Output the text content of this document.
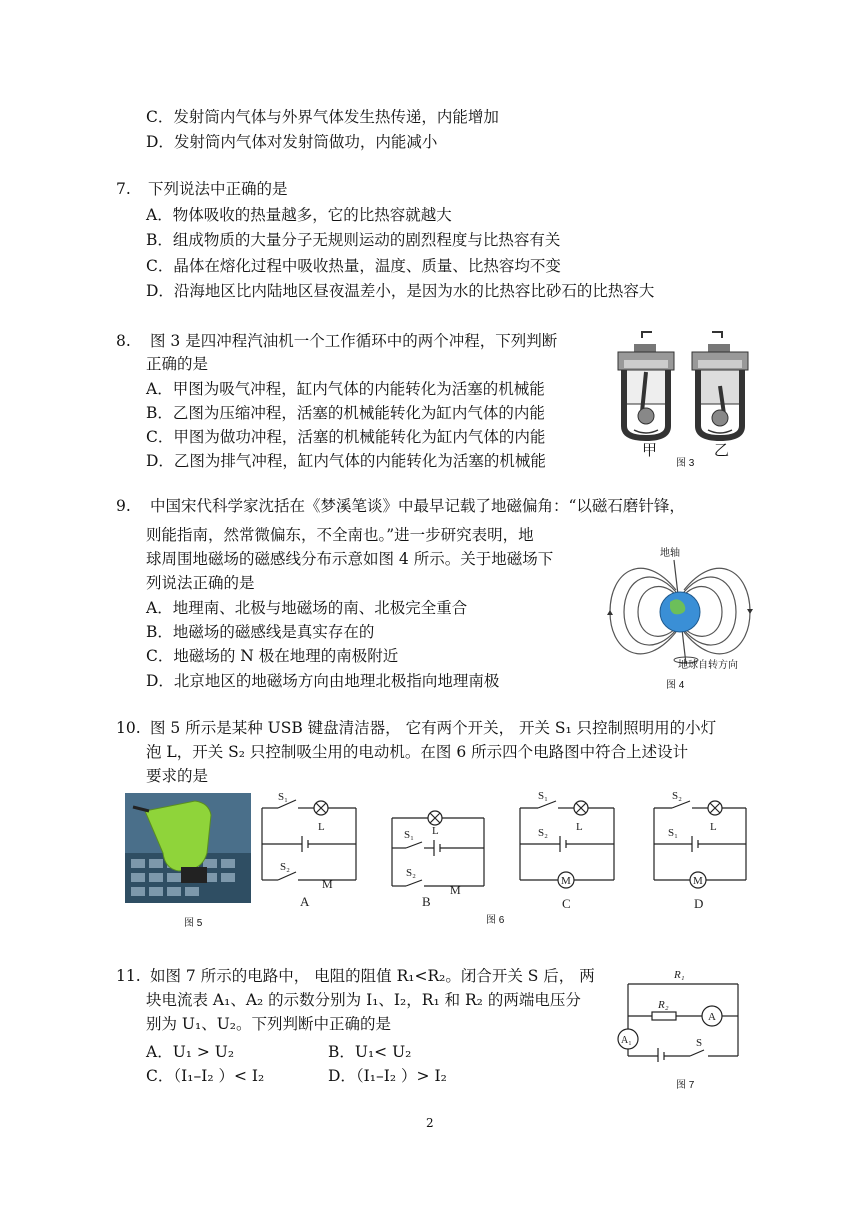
C．发射筒内气体与外界气体发生热传递，内能增加
D．发射筒内气体对发射筒做功，内能减小
7. 下列说法中正确的是
A．物体吸收的热量越多，它的比热容就越大
B．组成物质的大量分子无规则运动的剧烈程度与比热容有关
C．晶体在熔化过程中吸收热量，温度、质量、比热容均不变
D．沿海地区比内陆地区昼夜温差小，是因为水的比热容比砂石的比热容大
8. 图 3 是四冲程汽油机一个工作循环中的两个冲程，下列判断
正确的是
A．甲图为吸气冲程，缸内气体的内能转化为活塞的机械能
B．乙图为压缩冲程，活塞的机械能转化为缸内气体的内能
C．甲图为做功冲程，活塞的机械能转化为缸内气体的内能
D．乙图为排气冲程，缸内气体的内能转化为活塞的机械能
甲
图 3
乙
9. 中国宋代科学家沈括在《梦溪笔谈》中最早记载了地磁偏角：“以磁石磨针锋，
则能指南，然常微偏东，不全南也。”进一步研究表明，地
球周围地磁场的磁感线分布示意如图 4 所示。关于地磁场下
列说法正确的是
A．地理南、北极与地磁场的南、北极完全重合
B．地磁场的磁感线是真实存在的
C．地磁场的 N 极在地理的南极附近
D．北京地区的地磁场方向由地理北极指向地理南极
地轴
地球自转方向
图 4
10. 图 5 所示是某种 USB 键盘清洁器， 它有两个开关， 开关 S₁ 只控制照明用的小灯
泡 L，开关 S₂ 只控制吸尘用的电动机。在图 6 所示四个电路图中符合上述设计
要求的是
图 5
S₁
L
S₂
M
S₁ L
S₂
M
S₁
L
S₂
M
S₂
L
S₁
M
A	B	C	D
图 6
11. 如图 7 所示的电路中， 电阻的阻值 R₁<R₂。闭合开关 S 后， 两
块电流表 A₁、A₂ 的示数分别为 I₁、I₂，R₁ 和 R₂ 的两端电压分
别为 U₁、U₂。下列判断中正确的是
A．U₁ > U₂	B．U₁< U₂
C．（I₁–I₂ ）< I₂	D．（I₁–I₂ ）> I₂
R₁
R₂
A
A₁	S
图 7
2
